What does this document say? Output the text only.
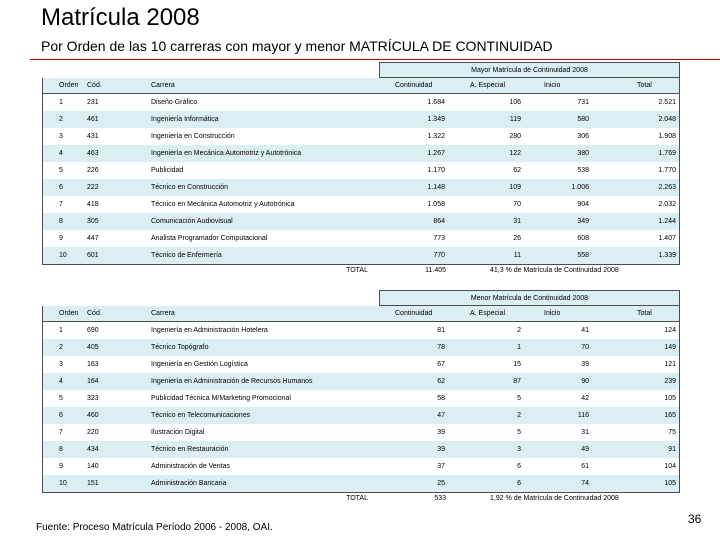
Matrícula 2008
Por Orden de las 10 carreras con mayor y menor MATRÍCULA DE CONTINUIDAD
Mayor Matrícula de Continuidad 2008
Orden Cód.	Carrera	Continuidad	A. Especial	Inicio	Total
1	231	Diseño Gráfico	1.684	106	731	2.521
2	461	Ingeniería Informática	1.349	119	580	2.048
3	431	Ingeniería en Construcción	1.322	280	306	1.908
4	463	Ingeniería en Mecánica Automotriz y Autotrónica	1.267	122	380	1.769
5	226	Publicidad	1.170	62	538	1.770
6	222	Técnico en Construcción	1.148	109	1.006	2.263
7	418	Técnico en Mecánica Automotriz y Autotrónica	1.058	70	904	2.032
8	305	Comunicación Audiovisual	864	31	349	1.244
9	447	Analista Programador Computacional	773	26	608	1.407
10	601	Técnico de Enfermería	770	11	558	1.339
TOTAL	11.405	41,3 % de Matrícula de Continuidad 2008
Menor Matrícula de Continuidad 2008
Orden Cód.	Carrera	Continuidad	A. Especial	Inicio	Total
1	690	Ingeniería en Administración Hotelera	81	2	41	124
2	405	Técnico Topógrafo	78	1	70	149
3	163	Ingeniería en Gestión Logística	67	15	39	121
4	164	Ingeniería en Administración de Recursos Humanos	62	87	90	239
5	323	Publicidad Técnica M/Marketing Promocional	58	5	42	105
6	460	Técnico en Telecomunicaciones	47	2	116	165
7	220	Ilustración Digital	39	5	31	75
8	434	Técnico en Restauración	39	3	49	91
9	140	Administración de Ventas	37	6	61	104
10	151	Administración Bancaria	25	6	74	105
TOTAL	533	1,92 % de Matrícula de Continuidad 2008
Fuente: Proceso Matrícula Período 2006 - 2008, OAI.
36
